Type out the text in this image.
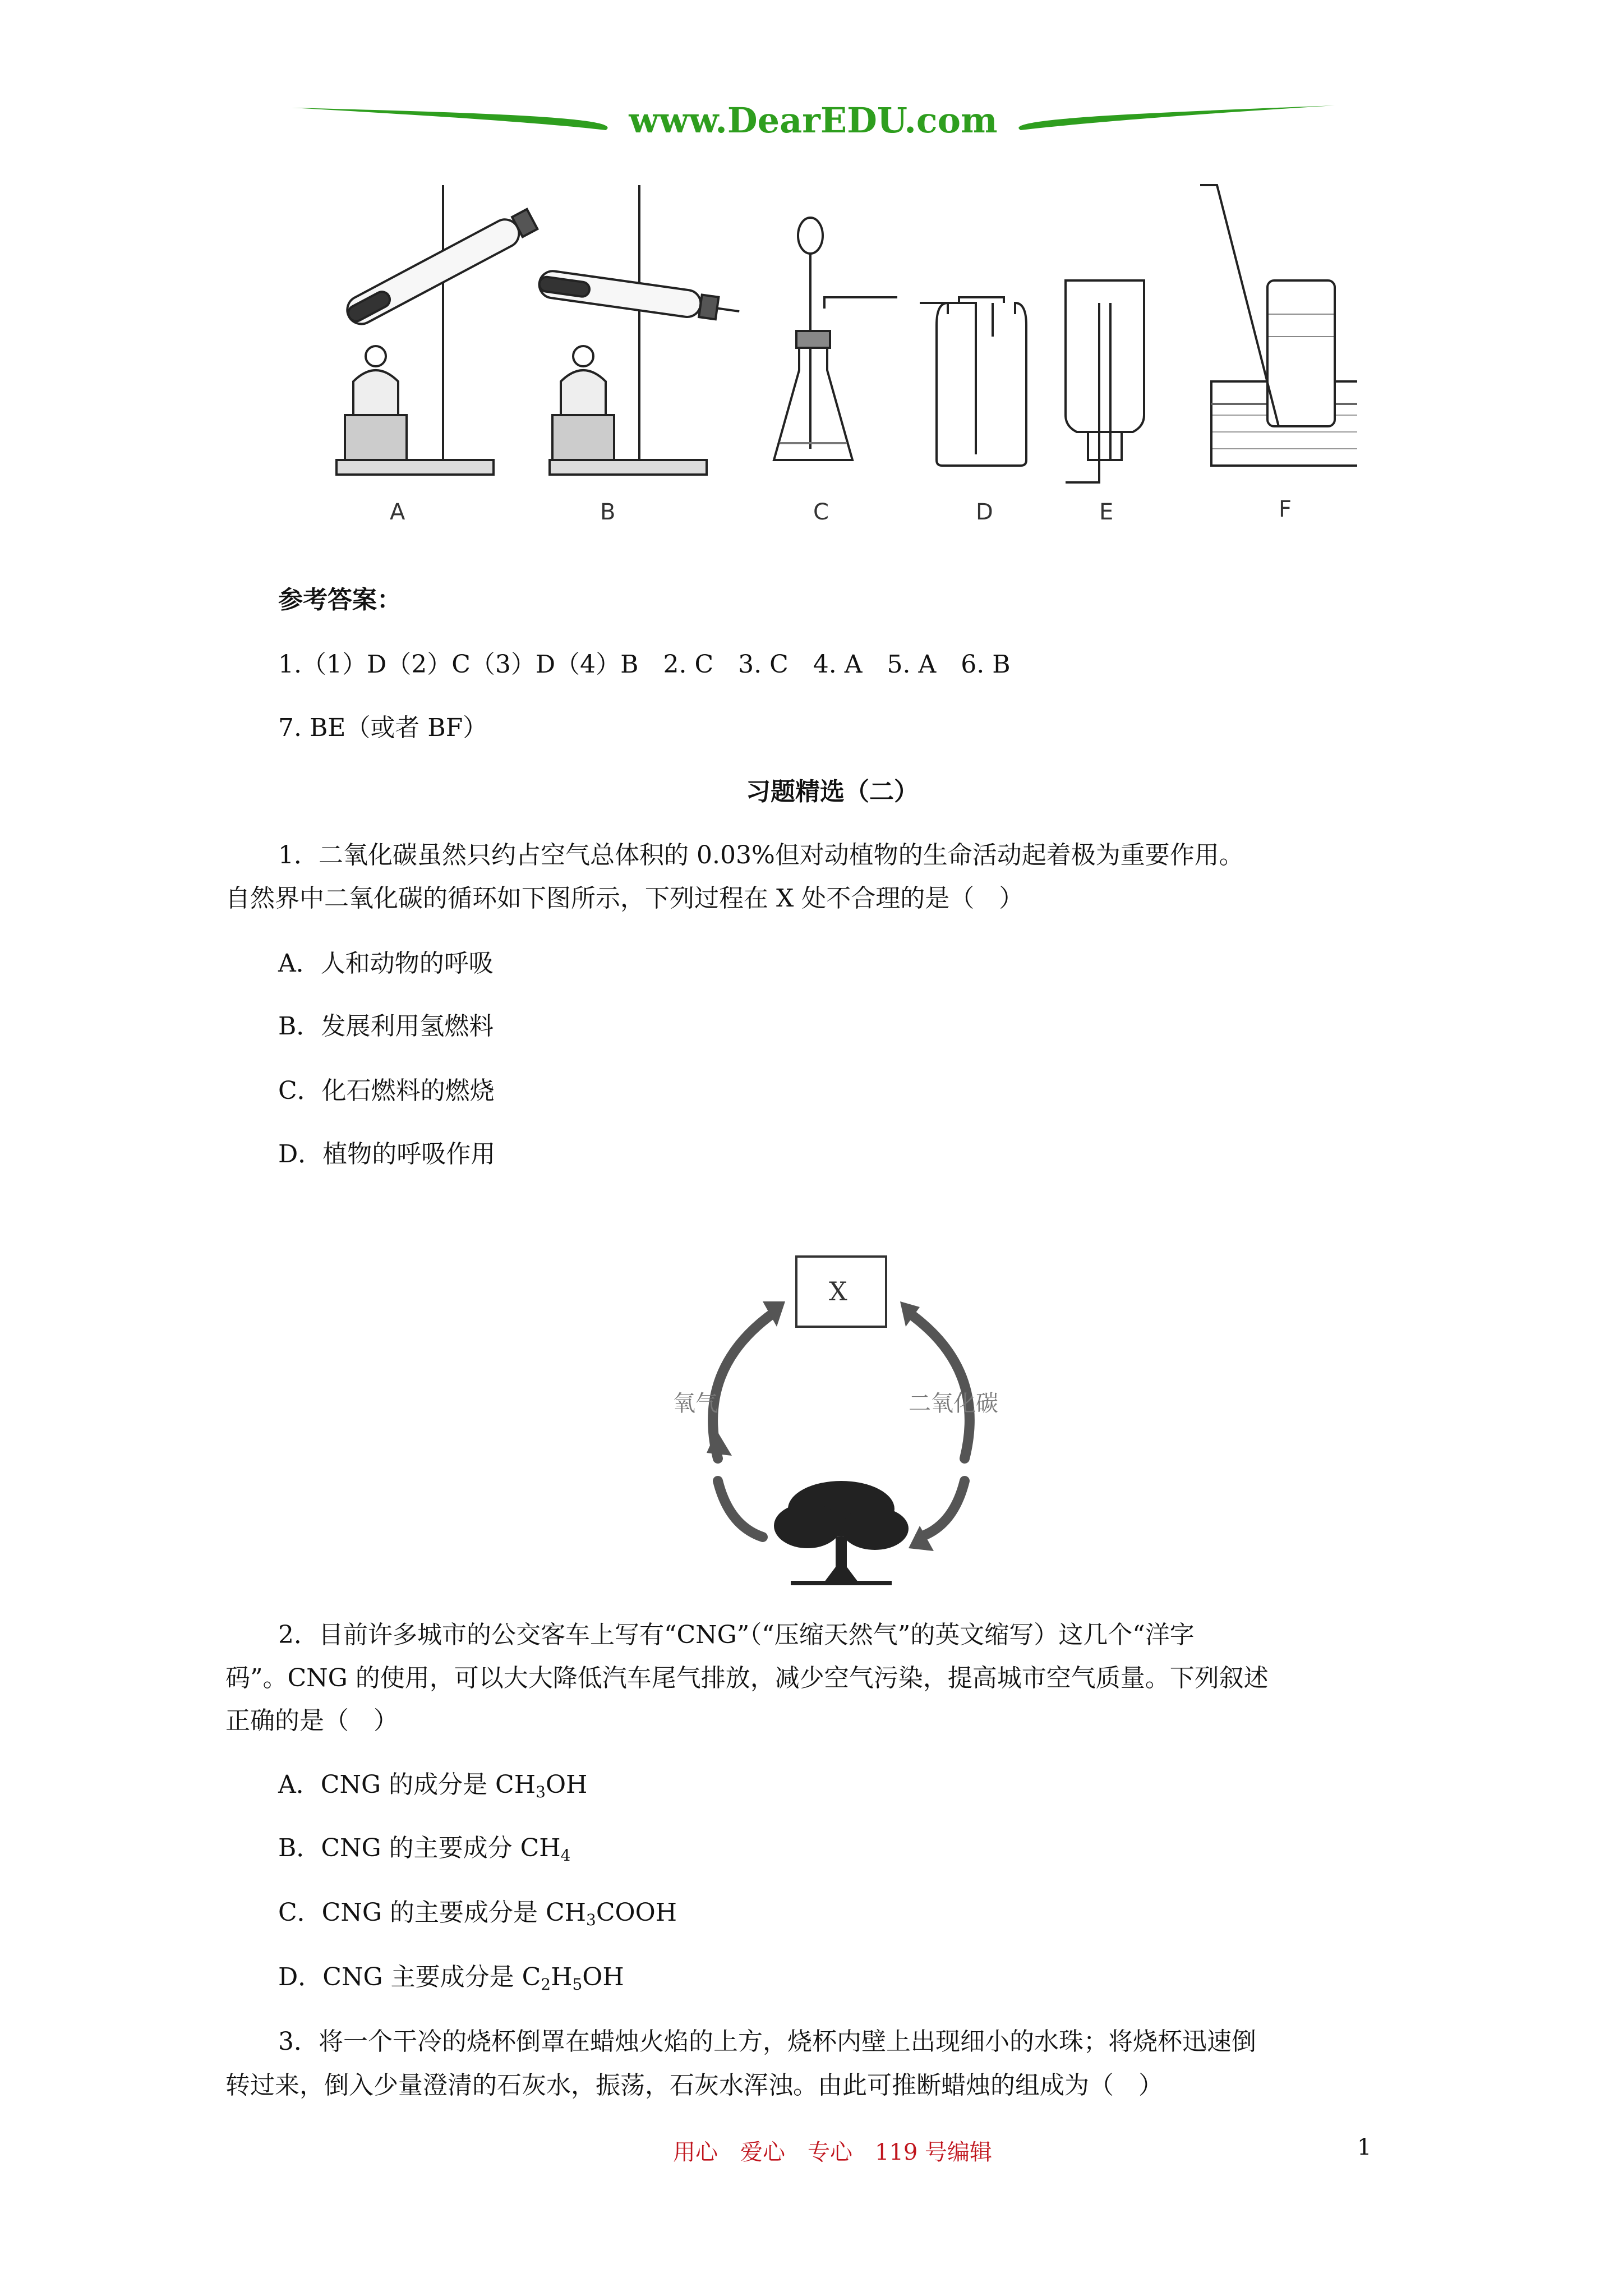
www.DearEDU.com
A	B	C	D	E	F
参考答案：
1.（1）D（2）C（3）D（4）B　2. C　3. C　4. A　5. A　6. B
7. BE（或者 BF）
习题精选（二）
1．二氧化碳虽然只约占空气总体积的 0.03%但对动植物的生命活动起着极为重要作用。
自然界中二氧化碳的循环如下图所示，下列过程在 X 处不合理的是（　）
A．人和动物的呼吸
B．发展利用氢燃料
C．化石燃料的燃烧
D．植物的呼吸作用
X
氧气	二氧化碳
2．目前许多城市的公交客车上写有“CNG”（“压缩天然气”的英文缩写）这几个“洋字
码”。CNG 的使用，可以大大降低汽车尾气排放，减少空气污染，提高城市空气质量。下列叙述
正确的是（　）
A．CNG 的成分是 $CH_3OH$
B．CNG 的主要成分 $CH_4$
C．CNG 的主要成分是 $CH_3COOH$
D．CNG 主要成分是 $C_2H_5OH$
3．将一个干冷的烧杯倒罩在蜡烛火焰的上方，烧杯内壁上出现细小的水珠；将烧杯迅速倒
转过来，倒入少量澄清的石灰水，振荡，石灰水浑浊。由此可推断蜡烛的组成为（　）
用心　爱心　专心　119 号编辑	1
